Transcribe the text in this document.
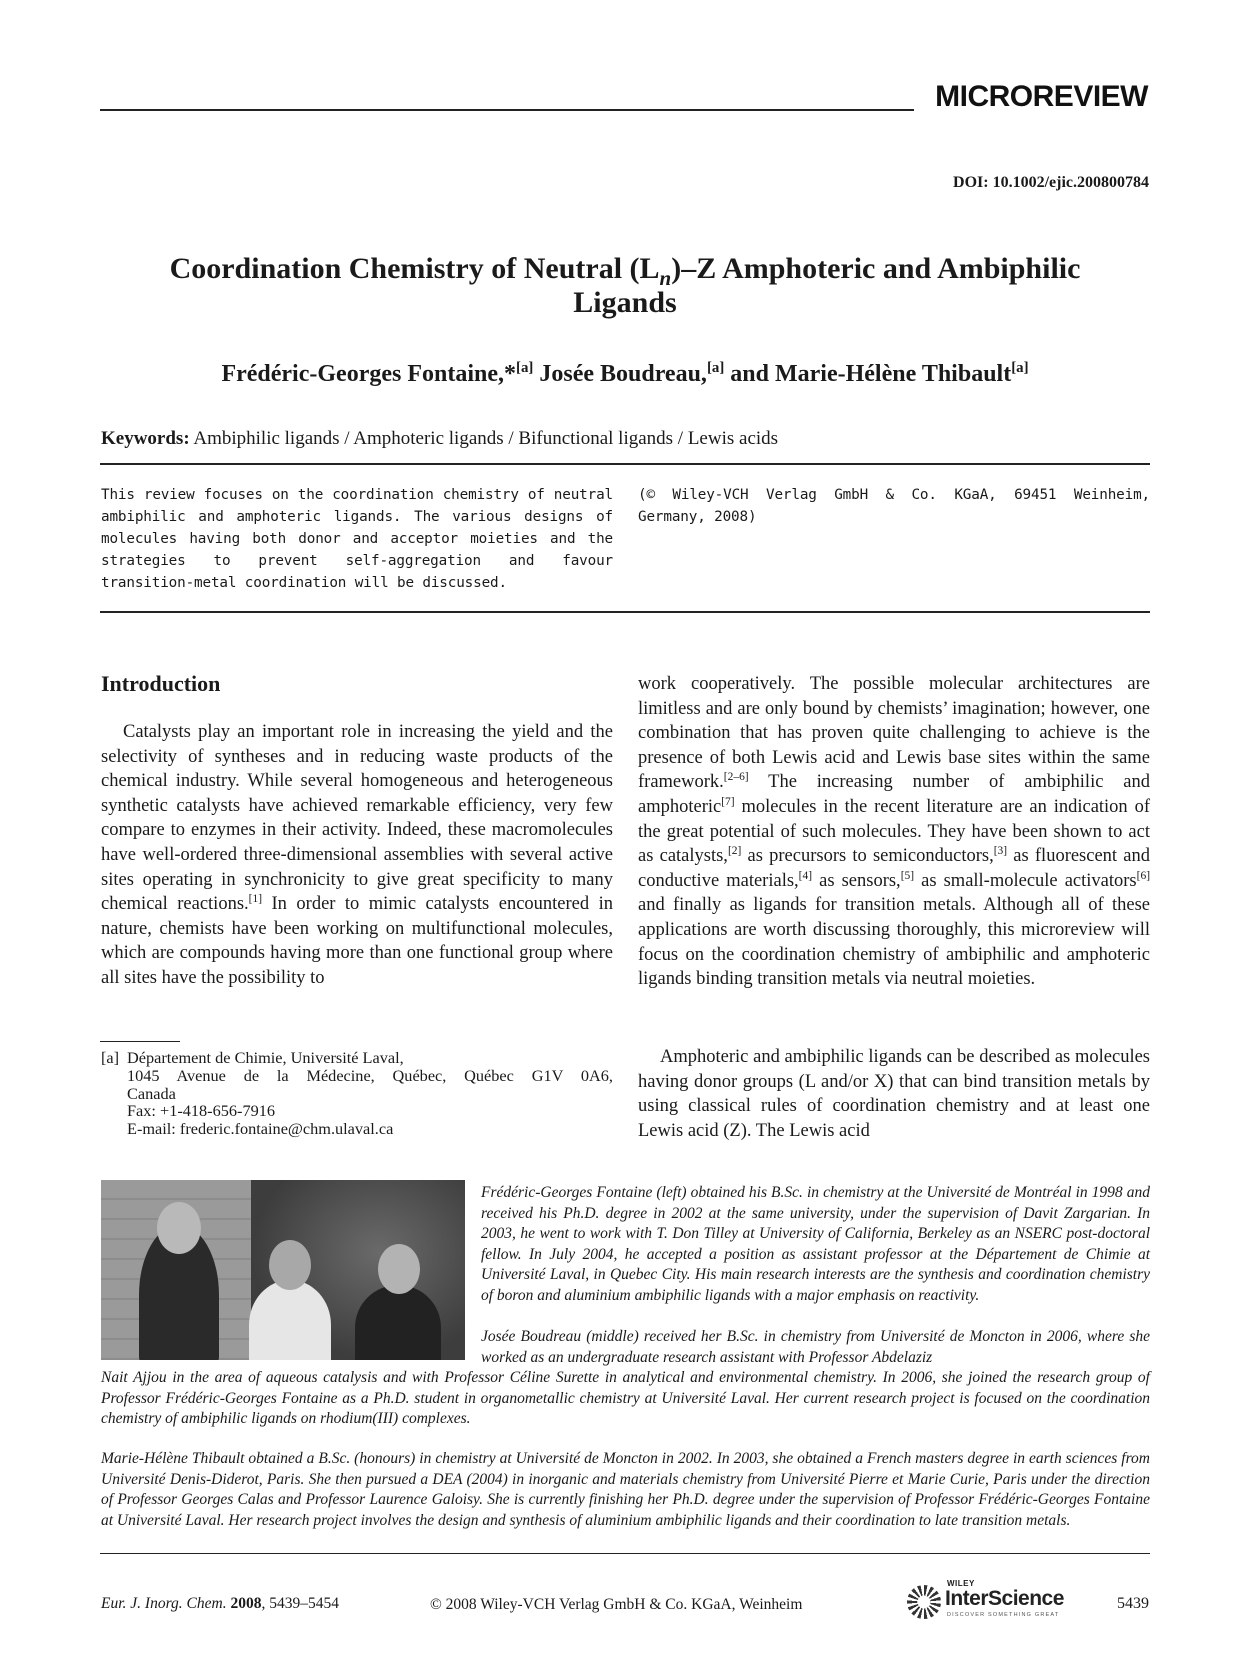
MICROREVIEW
DOI: 10.1002/ejic.200800784
Coordination Chemistry of Neutral $(L_n)-Z$ Amphoteric and Ambiphilic
Ligands
Frédéric-Georges Fontaine,*[a] Josée Boudreau,[a] and Marie-Hélène Thibault[a]
Keywords: Ambiphilic ligands / Amphoteric ligands / Bifunctional ligands / Lewis acids
This review focuses on the coordination chemistry of neutral ambiphilic and amphoteric ligands. The various designs of molecules having both donor and acceptor moieties and the strategies to prevent self-aggregation and favour transition-metal coordination will be discussed.
(© Wiley-VCH Verlag GmbH & Co. KGaA, 69451 Weinheim, Germany, 2008)
Introduction
Catalysts play an important role in increasing the yield and the selectivity of syntheses and in reducing waste products of the chemical industry. While several homogeneous and heterogeneous synthetic catalysts have achieved remarkable efficiency, very few compare to enzymes in their activity. Indeed, these macromolecules have well-ordered three-dimensional assemblies with several active sites operating in synchronicity to give great specificity to many chemical reactions.[1] In order to mimic catalysts encountered in nature, chemists have been working on multifunctional molecules, which are compounds having more than one functional group where all sites have the possibility to
[a] Département de Chimie, Université Laval,
1045 Avenue de la Médecine, Québec, Québec G1V 0A6,
Canada
Fax: +1-418-656-7916
E-mail: frederic.fontaine@chm.ulaval.ca
work cooperatively. The possible molecular architectures are limitless and are only bound by chemists’ imagination; however, one combination that has proven quite challenging to achieve is the presence of both Lewis acid and Lewis base sites within the same framework.[2–6] The increasing number of ambiphilic and amphoteric[7] molecules in the recent literature are an indication of the great potential of such molecules. They have been shown to act as catalysts,[2] as precursors to semiconductors,[3] as fluorescent and conductive materials,[4] as sensors,[5] as small-molecule activators[6] and finally as ligands for transition metals. Although all of these applications are worth discussing thoroughly, this microreview will focus on the coordination chemistry of ambiphilic and amphoteric ligands binding transition metals via neutral moieties.
Amphoteric and ambiphilic ligands can be described as molecules having donor groups (L and/or X) that can bind transition metals by using classical rules of coordination chemistry and at least one Lewis acid (Z). The Lewis acid
Frédéric-Georges Fontaine (left) obtained his B.Sc. in chemistry at the Université de Montréal in 1998 and received his Ph.D. degree in 2002 at the same university, under the supervision of Davit Zargarian. In 2003, he went to work with T. Don Tilley at University of California, Berkeley as an NSERC post-doctoral fellow. In July 2004, he accepted a position as assistant professor at the Département de Chimie at Université Laval, in Quebec City. His main research interests are the synthesis and coordination chemistry of boron and aluminium ambiphilic ligands with a major emphasis on reactivity.
Josée Boudreau (middle) received her B.Sc. in chemistry from Université de Moncton in 2006, where she worked as an undergraduate research assistant with Professor Abdelaziz
Nait Ajjou in the area of aqueous catalysis and with Professor Céline Surette in analytical and environmental chemistry. In 2006, she joined the research group of Professor Frédéric-Georges Fontaine as a Ph.D. student in organometallic chemistry at Université Laval. Her current research project is focused on the coordination chemistry of ambiphilic ligands on rhodium(III) complexes.
Marie-Hélène Thibault obtained a B.Sc. (honours) in chemistry at Université de Moncton in 2002. In 2003, she obtained a French masters degree in earth sciences from Université Denis-Diderot, Paris. She then pursued a DEA (2004) in inorganic and materials chemistry from Université Pierre et Marie Curie, Paris under the direction of Professor Georges Calas and Professor Laurence Galoisy. She is currently finishing her Ph.D. degree under the supervision of Professor Frédéric-Georges Fontaine at Université Laval. Her research project involves the design and synthesis of aluminium ambiphilic ligands and their coordination to late transition metals.
Eur. J. Inorg. Chem. 2008, 5439–5454	© 2008 Wiley-VCH Verlag GmbH & Co. KGaA, Weinheim
WILEY
InterScience
DISCOVER SOMETHING GREAT
5439
